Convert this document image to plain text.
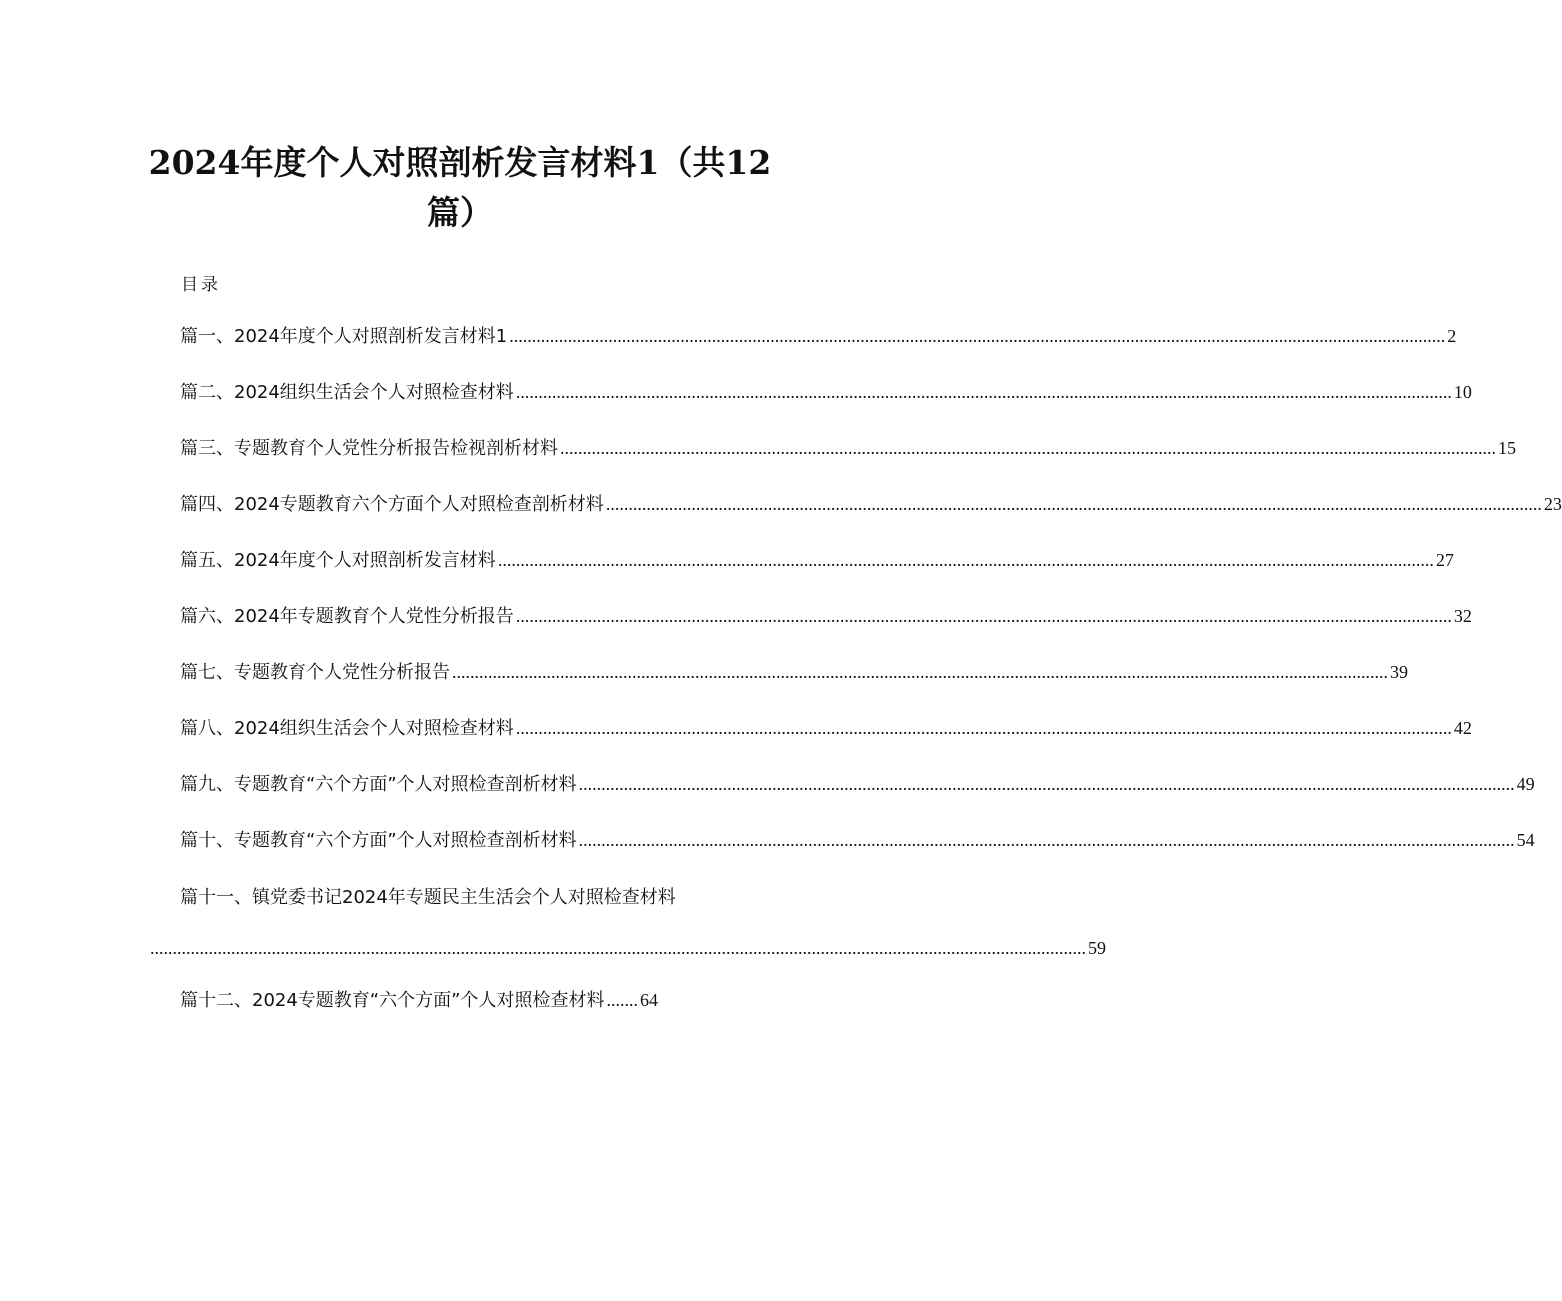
2024年度个人对照剖析发言材料1（共12篇）
目录
篇一、2024年度个人对照剖析发言材料1 ................................................................................................................................................................................................................ 2
篇二、2024组织生活会个人对照检查材料 ................................................................................................................................................................................................................ 10
篇三、专题教育个人党性分析报告检视剖析材料 ................................................................................................................................................................................................................ 15
篇四、2024专题教育六个方面个人对照检查剖析材料 ................................................................................................................................................................................................................ 23
篇五、2024年度个人对照剖析发言材料 ................................................................................................................................................................................................................ 27
篇六、2024年专题教育个人党性分析报告 ................................................................................................................................................................................................................ 32
篇七、专题教育个人党性分析报告 ................................................................................................................................................................................................................ 39
篇八、2024组织生活会个人对照检查材料 ................................................................................................................................................................................................................ 42
篇九、专题教育“六个方面”个人对照检查剖析材料 ................................................................................................................................................................................................................ 49
篇十、专题教育“六个方面”个人对照检查剖析材料 ................................................................................................................................................................................................................ 54
篇十一、镇党委书记2024年专题民主生活会个人对照检查材料
................................................................................................................................................................................................................ 59
篇十二、2024专题教育“六个方面”个人对照检查材料 ....... 64
